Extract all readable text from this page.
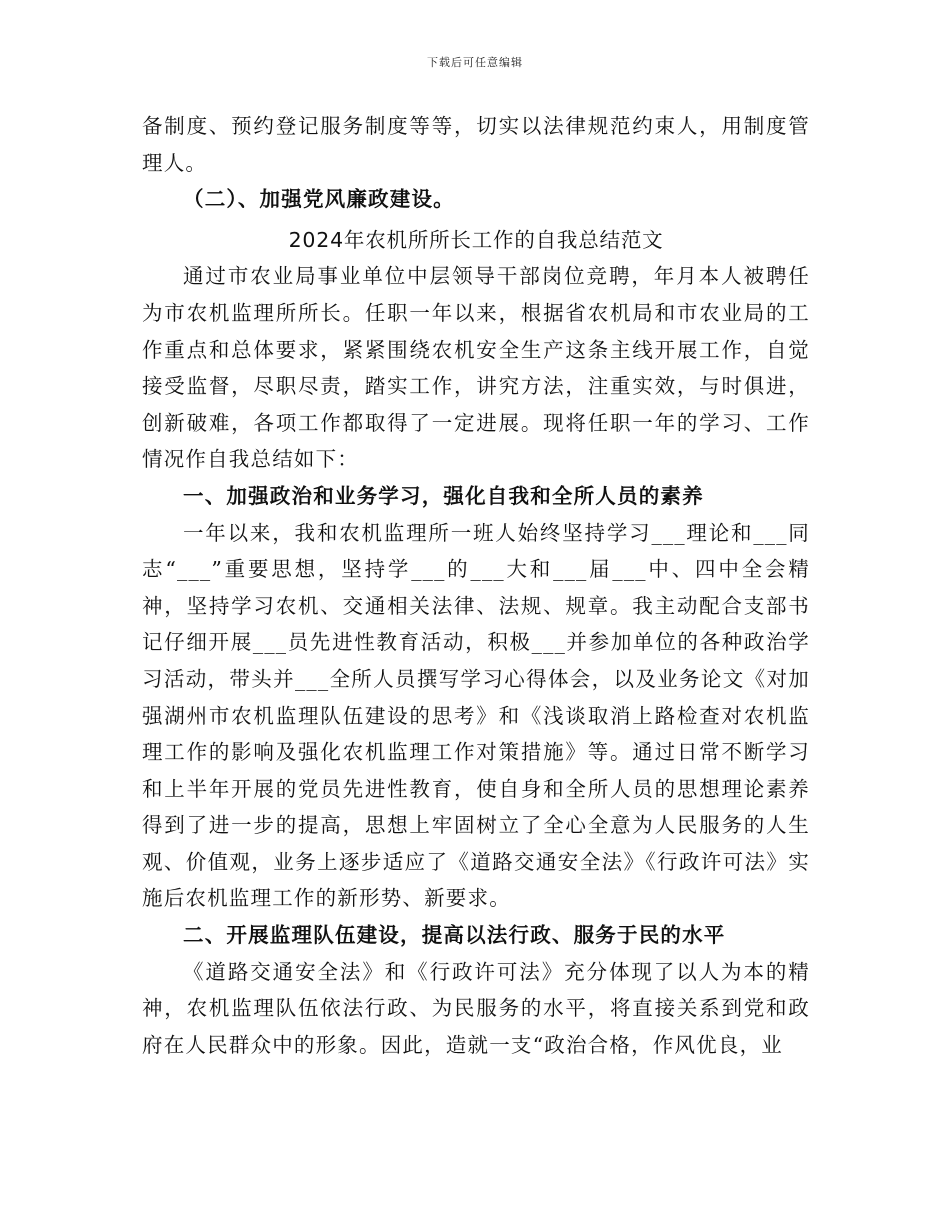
下载后可任意编辑

备制度、预约登记服务制度等等，切实以法律规范约束人，用制度管理人。

（二）、加强党风廉政建设。

2024年农机所所长工作的自我总结范文

通过市农业局事业单位中层领导干部岗位竞聘，年月本人被聘任为市农机监理所所长。任职一年以来，根据省农机局和市农业局的工作重点和总体要求，紧紧围绕农机安全生产这条主线开展工作，自觉接受监督，尽职尽责，踏实工作，讲究方法，注重实效，与时俱进，创新破难，各项工作都取得了一定进展。现将任职一年的学习、工作情况作自我总结如下：

一、加强政治和业务学习，强化自我和全所人员的素养

一年以来，我和农机监理所一班人始终坚持学习___理论和___同志“___”重要思想，坚持学___的___大和___届___中、四中全会精神，坚持学习农机、交通相关法律、法规、规章。我主动配合支部书记仔细开展___员先进性教育活动，积极___并参加单位的各种政治学习活动，带头并___全所人员撰写学习心得体会，以及业务论文《对加强湖州市农机监理队伍建设的思考》和《浅谈取消上路检查对农机监理工作的影响及强化农机监理工作对策措施》等。通过日常不断学习和上半年开展的党员先进性教育，使自身和全所人员的思想理论素养得到了进一步的提高，思想上牢固树立了全心全意为人民服务的人生观、价值观，业务上逐步适应了《道路交通安全法》《行政许可法》实施后农机监理工作的新形势、新要求。

二、开展监理队伍建设，提高以法行政、服务于民的水平

《道路交通安全法》和《行政许可法》充分体现了以人为本的精神，农机监理队伍依法行政、为民服务的水平，将直接关系到党和政府在人民群众中的形象。因此，造就一支“政治合格，作风优良，业
